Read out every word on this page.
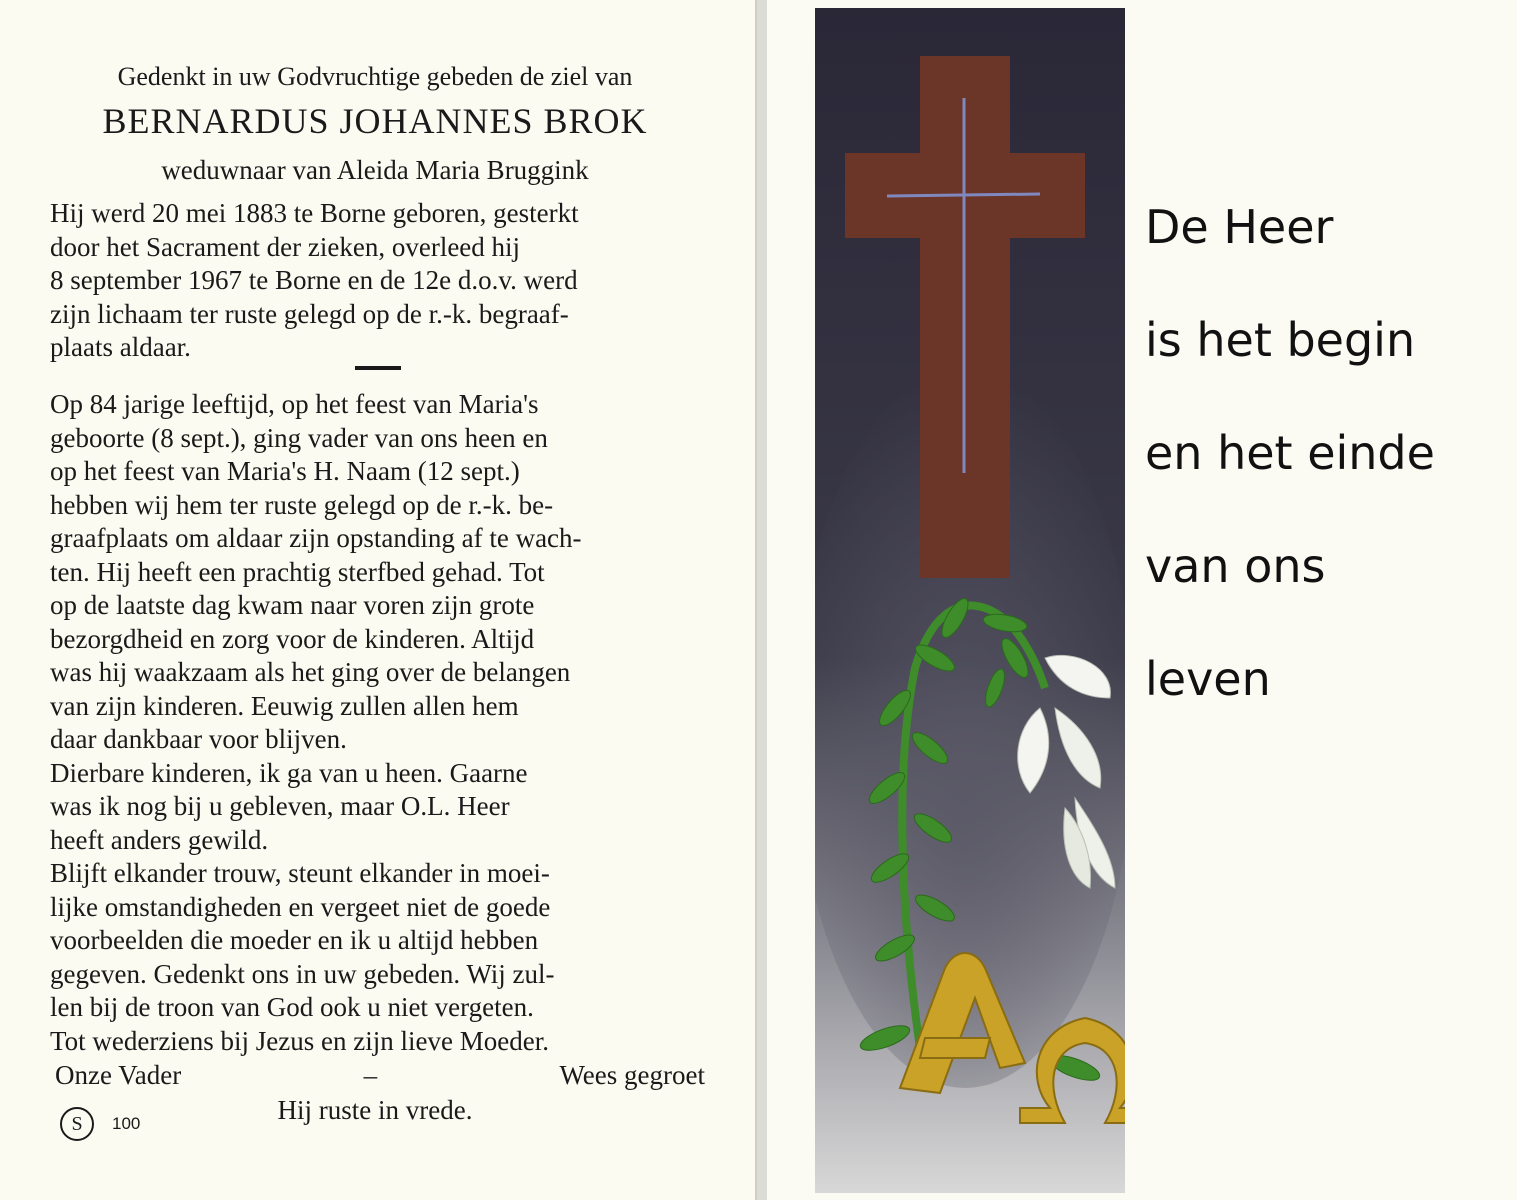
Gedenkt in uw Godvruchtige gebeden de ziel van
BERNARDUS JOHANNES BROK
weduwnaar van Aleida Maria Bruggink
Hij werd 20 mei 1883 te Borne geboren, gesterkt
door het Sacrament der zieken, overleed hij
8 september 1967 te Borne en de 12e d.o.v. werd
zijn lichaam ter ruste gelegd op de r.-k. begraaf-
plaats aldaar.
Op 84 jarige leeftijd, op het feest van Maria's
geboorte (8 sept.), ging vader van ons heen en
op het feest van Maria's H. Naam (12 sept.)
hebben wij hem ter ruste gelegd op de r.-k. be-
graafplaats om aldaar zijn opstanding af te wach-
ten. Hij heeft een prachtig sterfbed gehad. Tot
op de laatste dag kwam naar voren zijn grote
bezorgdheid en zorg voor de kinderen. Altijd
was hij waakzaam als het ging over de belangen
van zijn kinderen. Eeuwig zullen allen hem
daar dankbaar voor blijven.
Dierbare kinderen, ik ga van u heen. Gaarne
was ik nog bij u gebleven, maar O.L. Heer
heeft anders gewild.
Blijft elkander trouw, steunt elkander in moei-
lijke omstandigheden en vergeet niet de goede
voorbeelden die moeder en ik u altijd hebben
gegeven. Gedenkt ons in uw gebeden. Wij zul-
len bij de troon van God ook u niet vergeten.
Tot wederziens bij Jezus en zijn lieve Moeder.
Onze Vader	–	Wees gegroet
Hij ruste in vrede.
S	100
De Heer
is het begin
en het einde
van ons
leven
